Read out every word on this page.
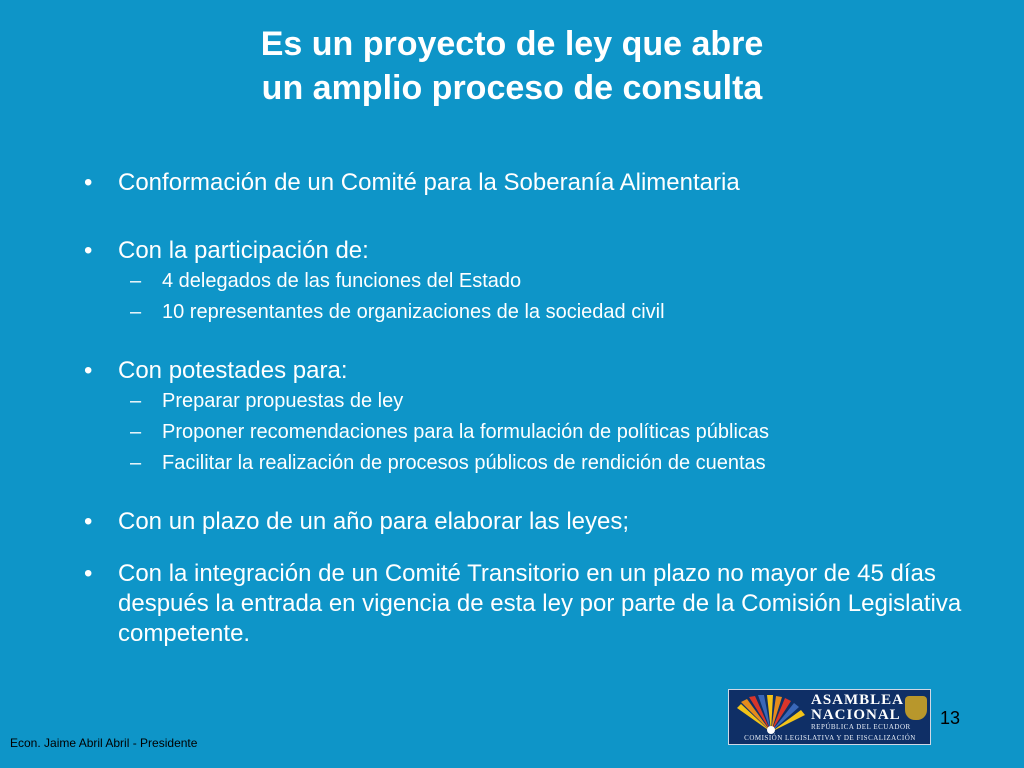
Es un proyecto de ley que abre
un amplio proceso de consulta
• Conformación de un Comité para la Soberanía Alimentaria
• Con la participación de:
– 4 delegados de las funciones del Estado
– 10 representantes de organizaciones de la sociedad civil
• Con potestades para:
– Preparar propuestas de ley
– Proponer recomendaciones para la formulación de políticas públicas
– Facilitar la realización de procesos públicos de rendición de cuentas
• Con un plazo de un año para elaborar las leyes;
• Con la integración de un Comité Transitorio en un plazo no mayor de 45 días después la entrada en vigencia de esta ley por parte de la Comisión Legislativa competente.
ASAMBLEA
NACIONAL
REPÚBLICA DEL ECUADOR
COMISIÓN LEGISLATIVA Y DE FISCALIZACIÓN
13
Econ. Jaime Abril Abril - Presidente
